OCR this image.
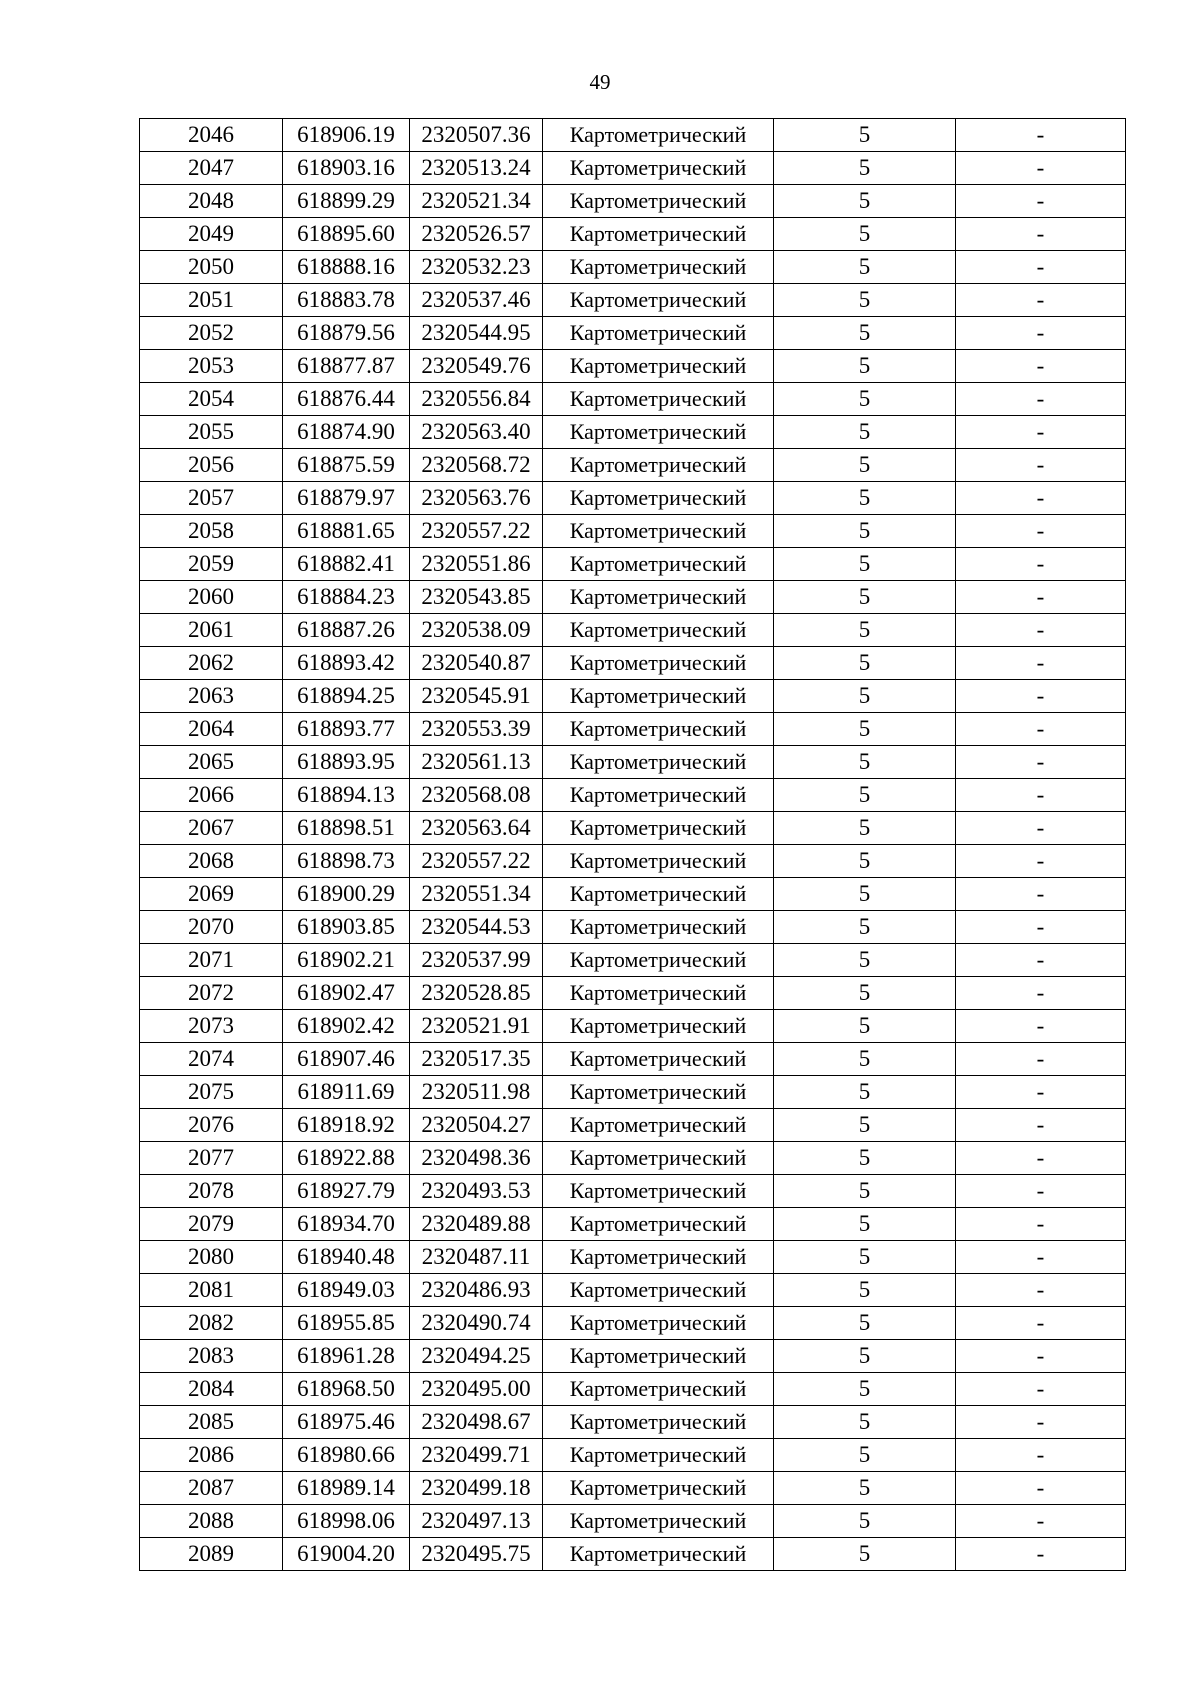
49
2046	618906.19	2320507.36	Картометрический	5	-
2047	618903.16	2320513.24	Картометрический	5	-
2048	618899.29	2320521.34	Картометрический	5	-
2049	618895.60	2320526.57	Картометрический	5	-
2050	618888.16	2320532.23	Картометрический	5	-
2051	618883.78	2320537.46	Картометрический	5	-
2052	618879.56	2320544.95	Картометрический	5	-
2053	618877.87	2320549.76	Картометрический	5	-
2054	618876.44	2320556.84	Картометрический	5	-
2055	618874.90	2320563.40	Картометрический	5	-
2056	618875.59	2320568.72	Картометрический	5	-
2057	618879.97	2320563.76	Картометрический	5	-
2058	618881.65	2320557.22	Картометрический	5	-
2059	618882.41	2320551.86	Картометрический	5	-
2060	618884.23	2320543.85	Картометрический	5	-
2061	618887.26	2320538.09	Картометрический	5	-
2062	618893.42	2320540.87	Картометрический	5	-
2063	618894.25	2320545.91	Картометрический	5	-
2064	618893.77	2320553.39	Картометрический	5	-
2065	618893.95	2320561.13	Картометрический	5	-
2066	618894.13	2320568.08	Картометрический	5	-
2067	618898.51	2320563.64	Картометрический	5	-
2068	618898.73	2320557.22	Картометрический	5	-
2069	618900.29	2320551.34	Картометрический	5	-
2070	618903.85	2320544.53	Картометрический	5	-
2071	618902.21	2320537.99	Картометрический	5	-
2072	618902.47	2320528.85	Картометрический	5	-
2073	618902.42	2320521.91	Картометрический	5	-
2074	618907.46	2320517.35	Картометрический	5	-
2075	618911.69	2320511.98	Картометрический	5	-
2076	618918.92	2320504.27	Картометрический	5	-
2077	618922.88	2320498.36	Картометрический	5	-
2078	618927.79	2320493.53	Картометрический	5	-
2079	618934.70	2320489.88	Картометрический	5	-
2080	618940.48	2320487.11	Картометрический	5	-
2081	618949.03	2320486.93	Картометрический	5	-
2082	618955.85	2320490.74	Картометрический	5	-
2083	618961.28	2320494.25	Картометрический	5	-
2084	618968.50	2320495.00	Картометрический	5	-
2085	618975.46	2320498.67	Картометрический	5	-
2086	618980.66	2320499.71	Картометрический	5	-
2087	618989.14	2320499.18	Картометрический	5	-
2088	618998.06	2320497.13	Картометрический	5	-
2089	619004.20	2320495.75	Картометрический	5	-
